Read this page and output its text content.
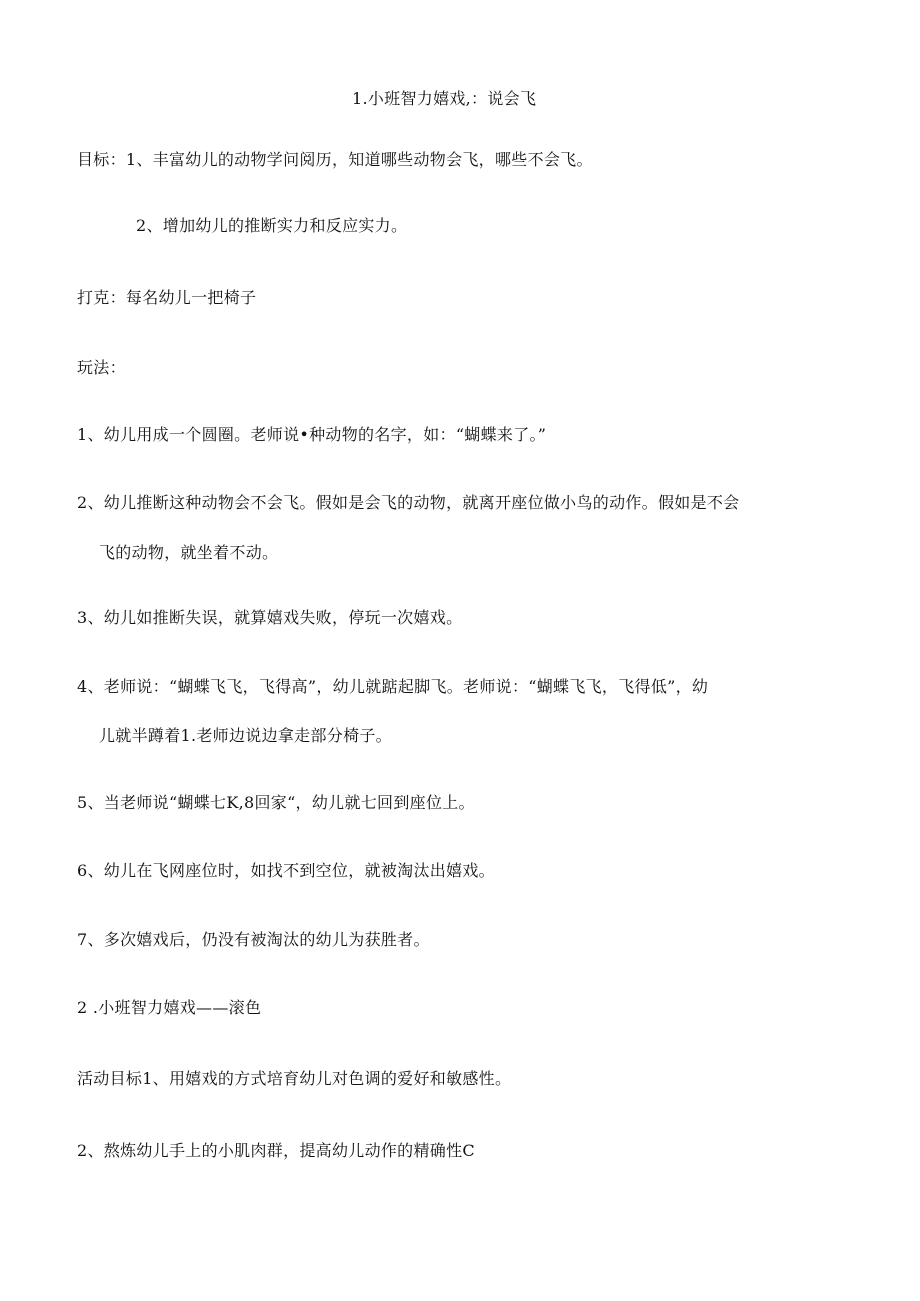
1.小班智力嬉戏,：说会飞
目标：1、丰富幼儿的动物学问阅历，知道哪些动物会飞，哪些不会飞。
2、增加幼儿的推断实力和反应实力。
打克：每名幼儿一把椅子
玩法：
1、幼儿用成一个圆圈。老师说•种动物的名字，如：“蝴蝶来了。”
2、幼儿推断这种动物会不会飞。假如是会飞的动物，就离开座位做小鸟的动作。假如是不会
飞的动物，就坐着不动。
3、幼儿如推断失误，就算嬉戏失败，停玩一次嬉戏。
4、老师说：“蝴蝶飞飞，飞得高”，幼儿就踮起脚飞。老师说：“蝴蝶飞飞，飞得低”，幼
儿就半蹲着1.老师边说边拿走部分椅子。
5、当老师说“蝴蝶七K,8回家“，幼儿就七回到座位上。
6、幼儿在飞网座位时，如找不到空位，就被淘汰出嬉戏。
7、多次嬉戏后，仍没有被淘汰的幼儿为获胜者。
2 .小班智力嬉戏——滚色
活动目标1、用嬉戏的方式培育幼儿对色调的爱好和敏感性。
2、熬炼幼儿手上的小肌肉群，提高幼儿动作的精确性C
